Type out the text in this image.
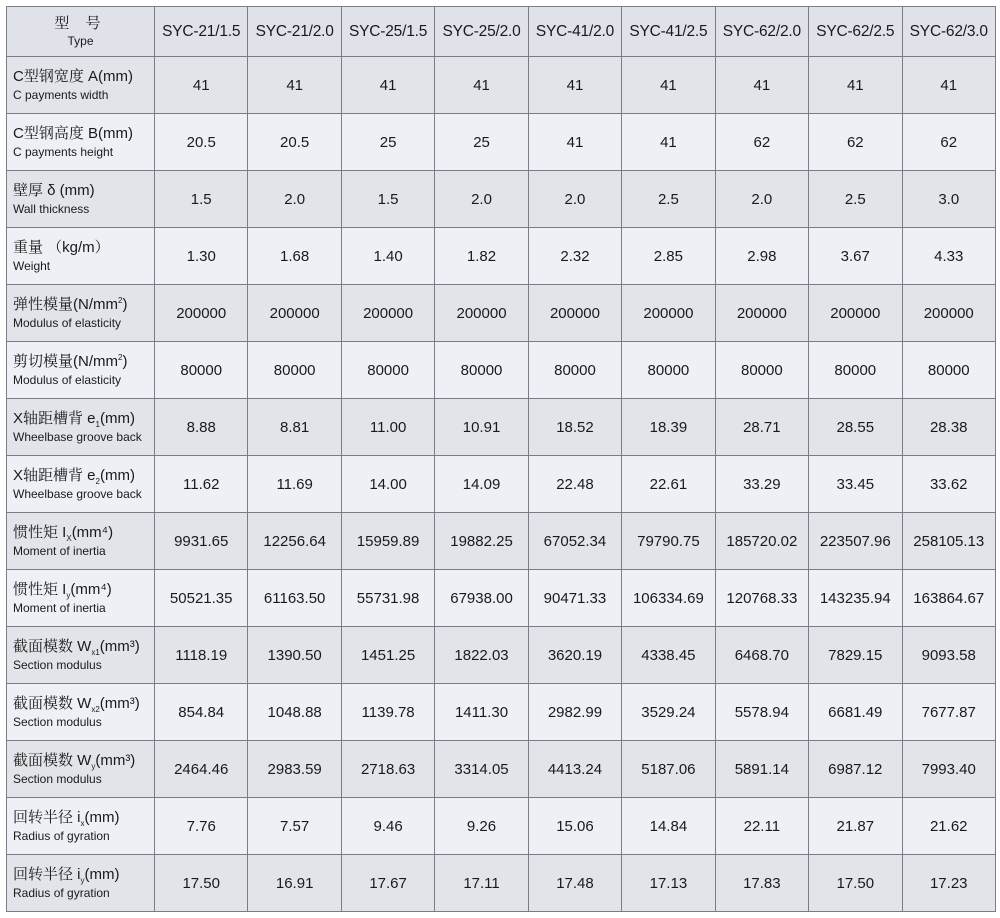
型 号
Type	SYC-21/1.5	SYC-21/2.0	SYC-25/1.5	SYC-25/2.0	SYC-41/2.0	SYC-41/2.5	SYC-62/2.0	SYC-62/2.5	SYC-62/3.0

C型钢宽度 A(mm)
C payments width	41	41	41	41	41	41	41	41	41

C型钢高度 B(mm)
C payments height	20.5	20.5	25	25	41	41	62	62	62

壁厚 δ (mm)
Wall thickness	1.5	2.0	1.5	2.0	2.0	2.5	2.0	2.5	3.0

重量 （kg/m）
Weight	1.30	1.68	1.40	1.82	2.32	2.85	2.98	3.67	4.33

弹性模量$(N/mm^2)$
Modulus of elasticity	200000	200000	200000	200000	200000	200000	200000	200000	200000

剪切模量$(N/mm^2)$
Modulus of elasticity	80000	80000	80000	80000	80000	80000	80000	80000	80000

X轴距槽背 $e_1(mm)$
Wheelbase groove back	8.88	8.81	11.00	10.91	18.52	18.39	28.71	28.55	28.38

X轴距槽背 $e_2(mm)$
Wheelbase groove back	11.62	11.69	14.00	14.09	22.48	22.61	33.29	33.45	33.62

惯性矩 $I_X(mm^4)$
Moment of inertia	9931.65	12256.64	15959.89	19882.25	67052.34	79790.75	185720.02	223507.96	258105.13

惯性矩 $I_y(mm^4)$
Moment of inertia	50521.35	61163.50	55731.98	67938.00	90471.33	106334.69	120768.33	143235.94	163864.67

截面模数 $W_{x1}(mm^3)$
Section modulus	1118.19	1390.50	1451.25	1822.03	3620.19	4338.45	6468.70	7829.15	9093.58

截面模数 $W_{x2}(mm^3)$
Section modulus	854.84	1048.88	1139.78	1411.30	2982.99	3529.24	5578.94	6681.49	7677.87

截面模数 $W_y(mm^3)$
Section modulus	2464.46	2983.59	2718.63	3314.05	4413.24	5187.06	5891.14	6987.12	7993.40

回转半径 $i_x(mm)$
Radius of gyration	7.76	7.57	9.46	9.26	15.06	14.84	22.11	21.87	21.62

回转半径 $i_y(mm)$
Radius of gyration	17.50	16.91	17.67	17.11	17.48	17.13	17.83	17.50	17.23
